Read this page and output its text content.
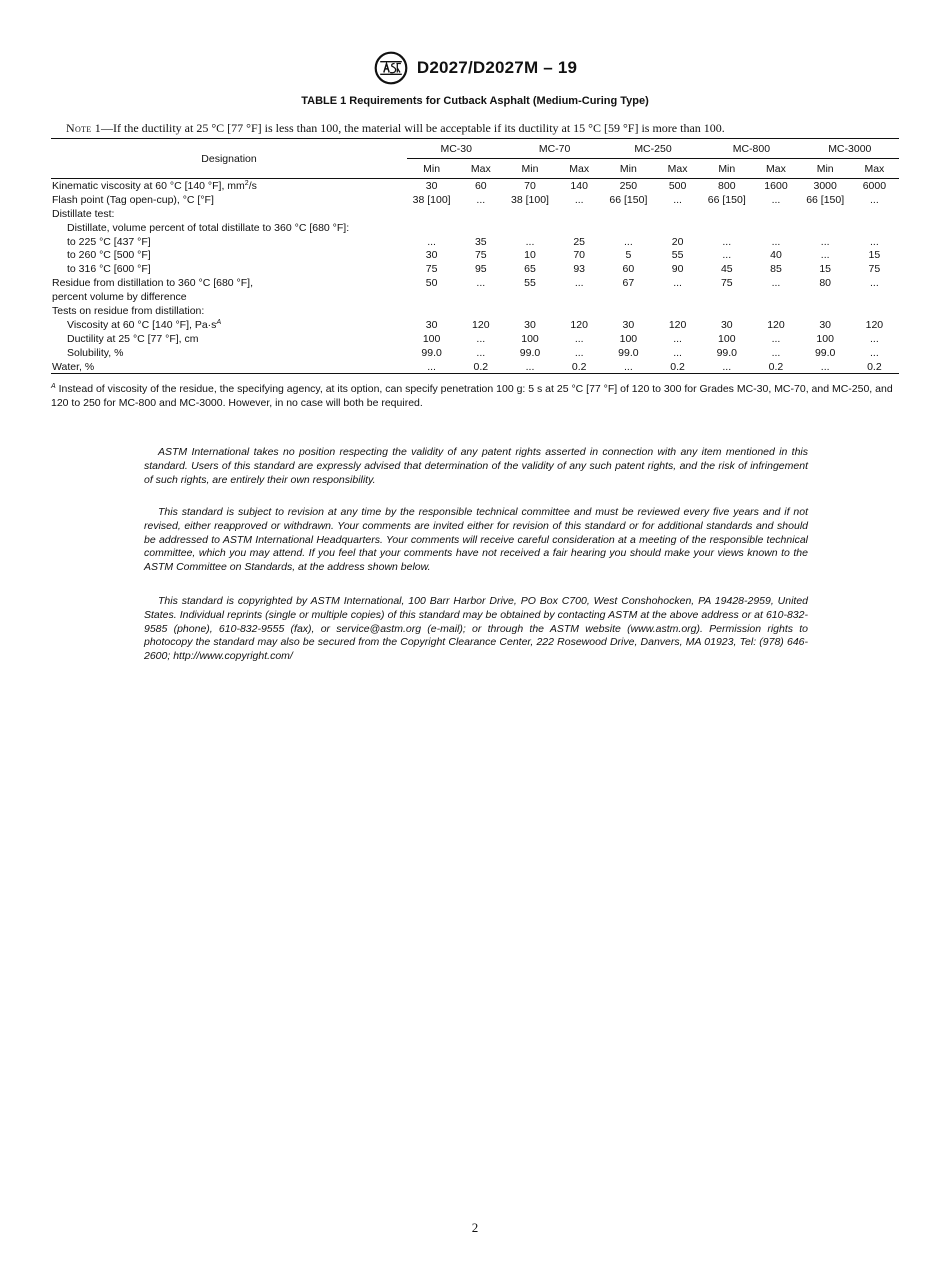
D2027/D2027M – 19
TABLE 1 Requirements for Cutback Asphalt (Medium-Curing Type)
Note 1—If the ductility at 25 °C [77 °F] is less than 100, the material will be acceptable if its ductility at 15 °C [59 °F] is more than 100.
Designation	MC-30		MC-70		MC-250		MC-800		MC-3000	
	Min	Max	Min	Max	Min	Max	Min	Max	Min	Max
Kinematic viscosity at 60 °C [140 °F], $mm^2/s$	30	60	70	140	250	500	800	1600	3000	6000
Flash point (Tag open-cup), °C [°F]	38 [100]	...	38 [100]	...	66 [150]	...	66 [150]	...	66 [150]	...
Distillate test:										
Distillate, volume percent of total distillate to 360 °C [680 °F]:										
to 225 °C [437 °F]	...	35	...	25	...	20	...	...	...	...
to 260 °C [500 °F]	30	75	10	70	5	55	...	40	...	15
to 316 °C [600 °F]	75	95	65	93	60	90	45	85	15	75
Residue from distillation to 360 °C [680 °F],	50	...	55	...	67	...	75	...	80	...
percent volume by difference										
Tests on residue from distillation:										
Viscosity at 60 °C [140 °F], $Pa\cdot s^A$	30	120	30	120	30	120	30	120	30	120
Ductility at 25 °C [77 °F], cm	100	...	100	...	100	...	100	...	100	...
Solubility, %	99.0	...	99.0	...	99.0	...	99.0	...	99.0	...
Water, %	...	0.2	...	0.2	...	0.2	...	0.2	...	0.2
$^A$ Instead of viscosity of the residue, the specifying agency, at its option, can specify penetration 100 g: 5 s at 25 °C [77 °F] of 120 to 300 for Grades MC-30, MC-70, and MC-250, and 120 to 250 for MC-800 and MC-3000. However, in no case will both be required.
ASTM International takes no position respecting the validity of any patent rights asserted in connection with any item mentioned in this standard. Users of this standard are expressly advised that determination of the validity of any such patent rights, and the risk of infringement of such rights, are entirely their own responsibility.
This standard is subject to revision at any time by the responsible technical committee and must be reviewed every five years and if not revised, either reapproved or withdrawn. Your comments are invited either for revision of this standard or for additional standards and should be addressed to ASTM International Headquarters. Your comments will receive careful consideration at a meeting of the responsible technical committee, which you may attend. If you feel that your comments have not received a fair hearing you should make your views known to the ASTM Committee on Standards, at the address shown below.
This standard is copyrighted by ASTM International, 100 Barr Harbor Drive, PO Box C700, West Conshohocken, PA 19428-2959, United States. Individual reprints (single or multiple copies) of this standard may be obtained by contacting ASTM at the above address or at 610-832-9585 (phone), 610-832-9555 (fax), or service@astm.org (e-mail); or through the ASTM website (www.astm.org). Permission rights to photocopy the standard may also be secured from the Copyright Clearance Center, 222 Rosewood Drive, Danvers, MA 01923, Tel: (978) 646-2600; http://www.copyright.com/
2
